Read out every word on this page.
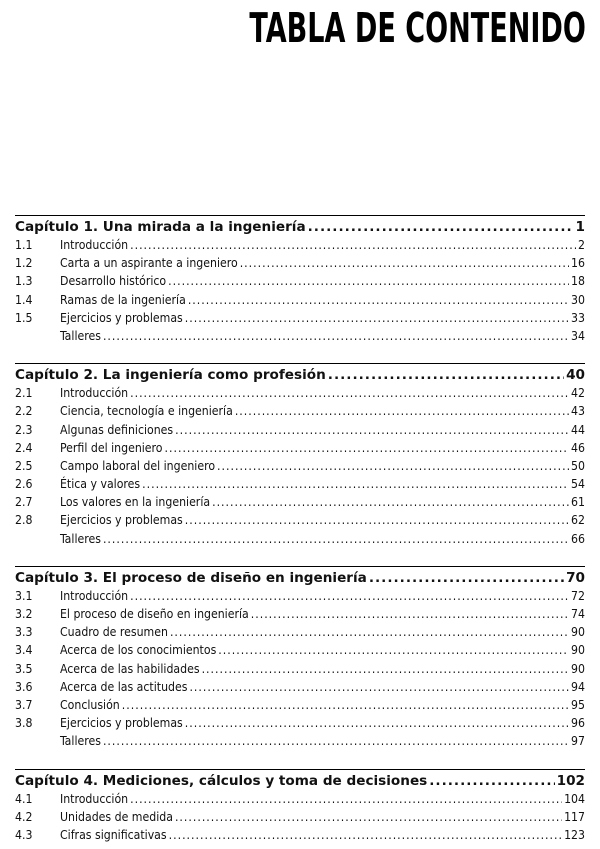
TABLA DE CONTENIDO
Capítulo 1. Una mirada a la ingeniería .....	1
1.1	Introducción .....	2
1.2	Carta a un aspirante a ingeniero .....	16
1.3	Desarrollo histórico .....	18
1.4	Ramas de la ingeniería .....	30
1.5	Ejercicios y problemas .....	33
Talleres .....	34
Capítulo 2. La ingeniería como profesión .....	40
2.1	Introducción .....	42
2.2	Ciencia, tecnología e ingeniería .....	43
2.3	Algunas definiciones .....	44
2.4	Perfil del ingeniero .....	46
2.5	Campo laboral del ingeniero .....	50
2.6	Ética y valores .....	54
2.7	Los valores en la ingeniería .....	61
2.8	Ejercicios y problemas .....	62
Talleres .....	66
Capítulo 3. El proceso de diseño en ingeniería .....	70
3.1	Introducción .....	72
3.2	El proceso de diseño en ingeniería .....	74
3.3	Cuadro de resumen .....	90
3.4	Acerca de los conocimientos .....	90
3.5	Acerca de las habilidades .....	90
3.6	Acerca de las actitudes .....	94
3.7	Conclusión .....	95
3.8	Ejercicios y problemas .....	96
Talleres .....	97
Capítulo 4. Mediciones, cálculos y toma de decisiones .....	102
4.1	Introducción .....	104
4.2	Unidades de medida .....	117
4.3	Cifras significativas .....	123
